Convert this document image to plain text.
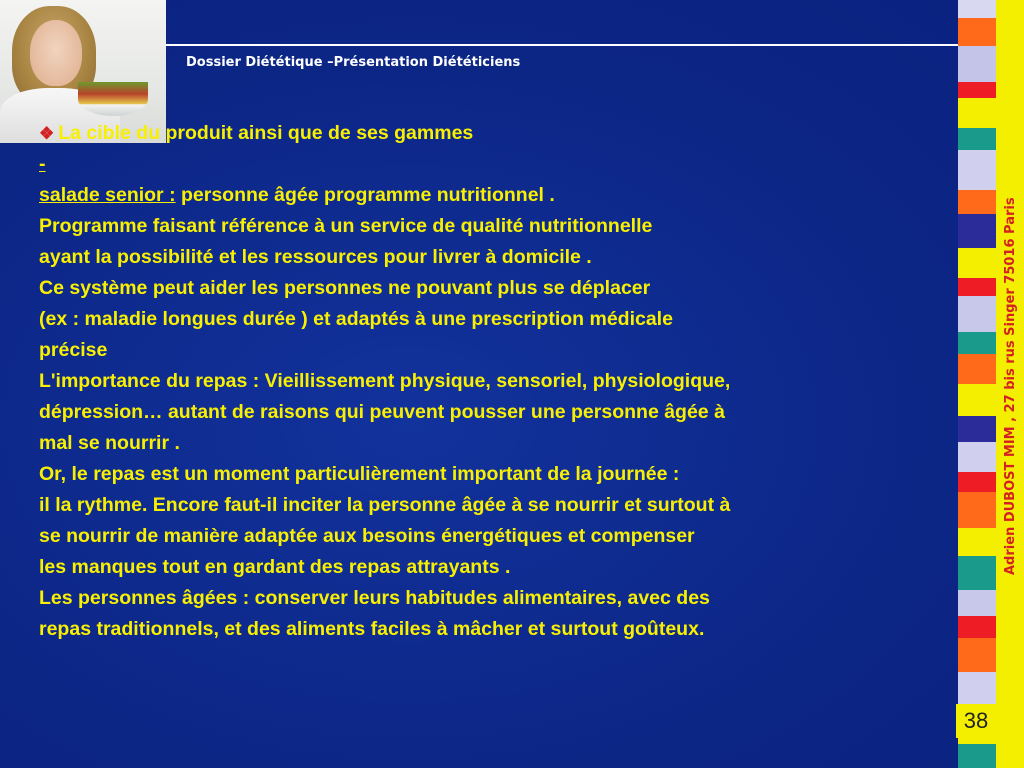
Dossier Diététique –Présentation Diététiciens
Adrien DUBOST MIM , 27 bis rus Singer 75016 Paris
38
❖ La cible du produit ainsi que de ses gammes
-
salade senior : personne âgée programme nutritionnel .
Programme faisant référence à un service de qualité nutritionnelle
ayant la possibilité et les ressources pour livrer à domicile .
Ce système peut aider les personnes ne pouvant plus se déplacer
(ex : maladie longues durée ) et adaptés à une prescription médicale
précise
L'importance du repas : Vieillissement physique, sensoriel, physiologique,
dépression… autant de raisons qui peuvent pousser une personne âgée à
mal se nourrir .
Or, le repas est un moment particulièrement important de la journée :
il la rythme. Encore faut-il inciter la personne âgée à se nourrir et surtout à
se nourrir de manière adaptée aux besoins énergétiques et compenser
les manques tout en gardant des repas attrayants .
Les personnes âgées : conserver leurs habitudes alimentaires, avec des
repas traditionnels, et des aliments faciles à mâcher et surtout goûteux.
